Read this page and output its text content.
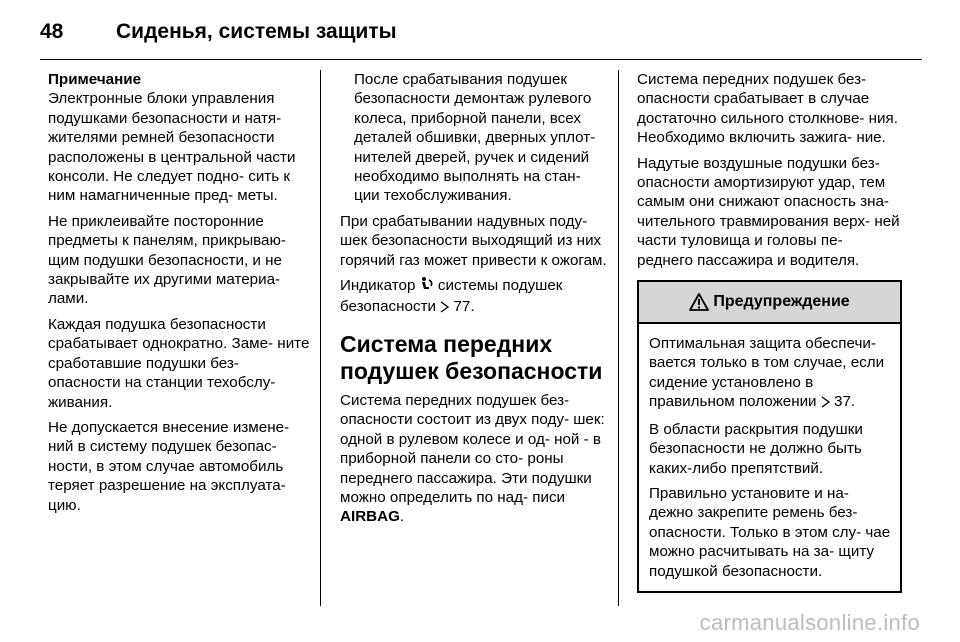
48	Сиденья, системы защиты
Примечание

Электронные блоки управления подушками безопасности и натя- жителями ремней безопасности расположены в центральной части консоли. Не следует подно- сить к ним намагниченные пред- меты.

Не приклеивайте посторонние предметы к панелям, прикрываю- щим подушки безопасности, и не закрывайте их другими материа- лами.

Каждая подушка безопасности срабатывает однократно. Заме- ните сработавшие подушки без- опасности на станции техобслу- живания.

Не допускается внесение измене- ний в систему подушек безопас- ности, в этом случае автомобиль теряет разрешение на эксплуата- цию.

После срабатывания подушек безопасности демонтаж рулевого колеса, приборной панели, всех деталей обшивки, дверных уплот- нителей дверей, ручек и сидений необходимо выполнять на стан- ции техобслуживания.

При срабатывании надувных поду- шек безопасности выходящий из них горячий газ может привести к ожогам.

Индикатор системы подушек безопасности 77.

Система передних подушек безопасности

Система передних подушек без- опасности состоит из двух поду- шек: одной в рулевом колесе и од- ной - в приборной панели со сто- роны переднего пассажира. Эти подушки можно определить по над- писи AIRBAG.

Система передних подушек без- опасности срабатывает в случае достаточно сильного столкнове- ния. Необходимо включить зажига- ние.

Надутые воздушные подушки без- опасности амортизируют удар, тем самым они снижают опасность зна- чительного травмирования верх- ней части туловища и головы пе- реднего пассажира и водителя.

Предупреждение

Оптимальная защита обеспечи- вается только в том случае, если сидение установлено в правильном положении 37.

В области раскрытия подушки безопасности не должно быть каких-либо препятствий.

Правильно установите и на- дежно закрепите ремень без- опасности. Только в этом слу- чае можно расчитывать на за- щиту подушкой безопасности.

carmanualsonline.info
